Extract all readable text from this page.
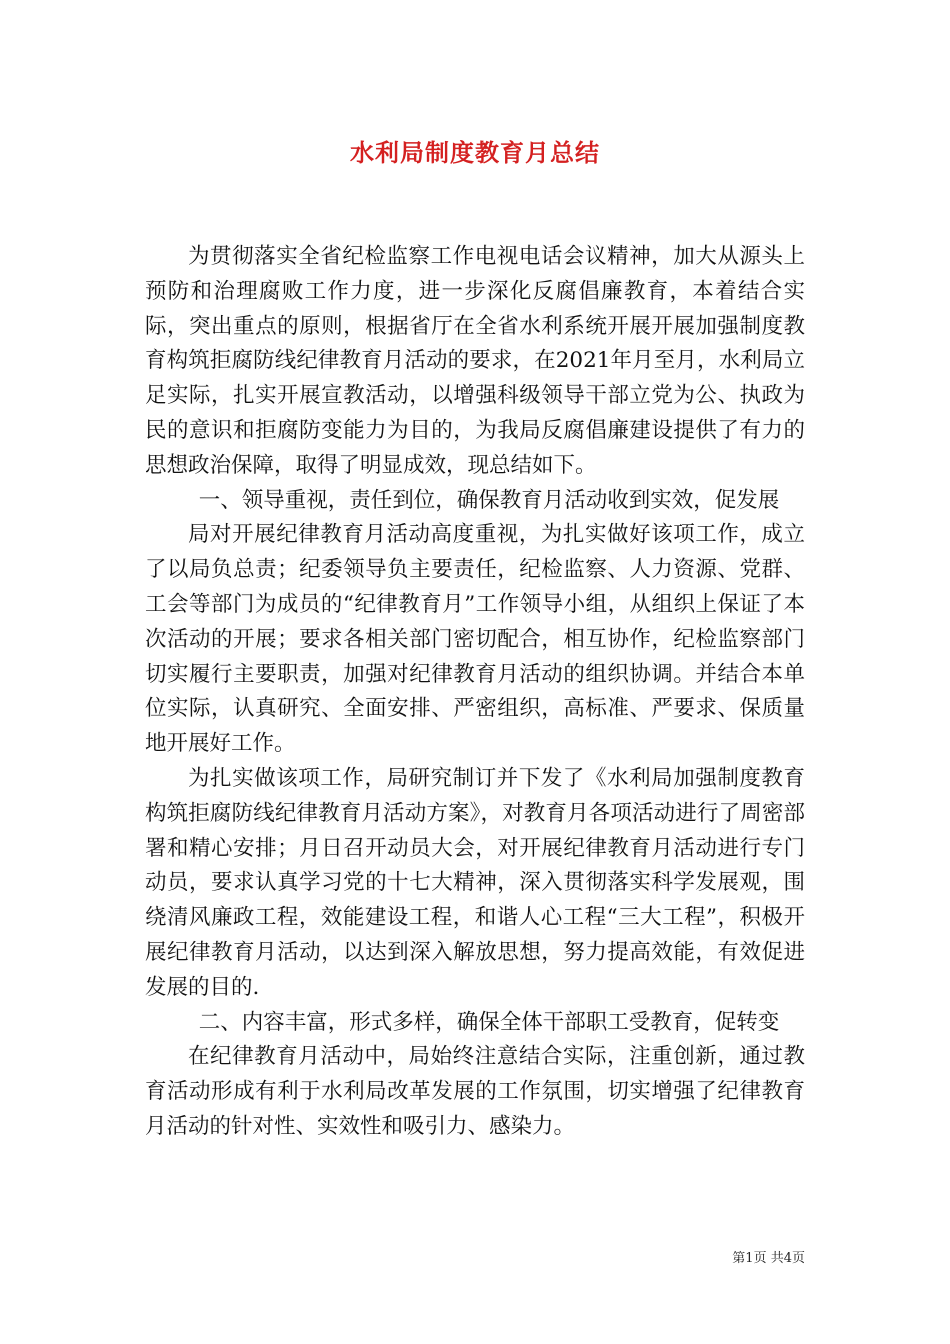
水利局制度教育月总结

为贯彻落实全省纪检监察工作电视电话会议精神，加大从源头上预防和治理腐败工作力度，进一步深化反腐倡廉教育，本着结合实际，突出重点的原则，根据省厅在全省水利系统开展开展加强制度教育构筑拒腐防线纪律教育月活动的要求，在2021年月至月，水利局立足实际，扎实开展宣教活动，以增强科级领导干部立党为公、执政为民的意识和拒腐防变能力为目的，为我局反腐倡廉建设提供了有力的思想政治保障，取得了明显成效，现总结如下。

一、领导重视，责任到位，确保教育月活动收到实效，促发展

局对开展纪律教育月活动高度重视，为扎实做好该项工作，成立了以局负总责；纪委领导负主要责任，纪检监察、人力资源、党群、工会等部门为成员的“纪律教育月”工作领导小组，从组织上保证了本次活动的开展；要求各相关部门密切配合，相互协作，纪检监察部门切实履行主要职责，加强对纪律教育月活动的组织协调。并结合本单位实际，认真研究、全面安排、严密组织，高标准、严要求、保质量地开展好工作。

为扎实做该项工作，局研究制订并下发了《水利局加强制度教育构筑拒腐防线纪律教育月活动方案》，对教育月各项活动进行了周密部署和精心安排；月日召开动员大会，对开展纪律教育月活动进行专门动员，要求认真学习党的十七大精神，深入贯彻落实科学发展观，围绕清风廉政工程，效能建设工程，和谐人心工程“三大工程”，积极开展纪律教育月活动，以达到深入解放思想，努力提高效能，有效促进发展的目的.

二、内容丰富，形式多样，确保全体干部职工受教育，促转变

在纪律教育月活动中，局始终注意结合实际，注重创新，通过教育活动形成有利于水利局改革发展的工作氛围，切实增强了纪律教育月活动的针对性、实效性和吸引力、感染力。

第1页 共4页
